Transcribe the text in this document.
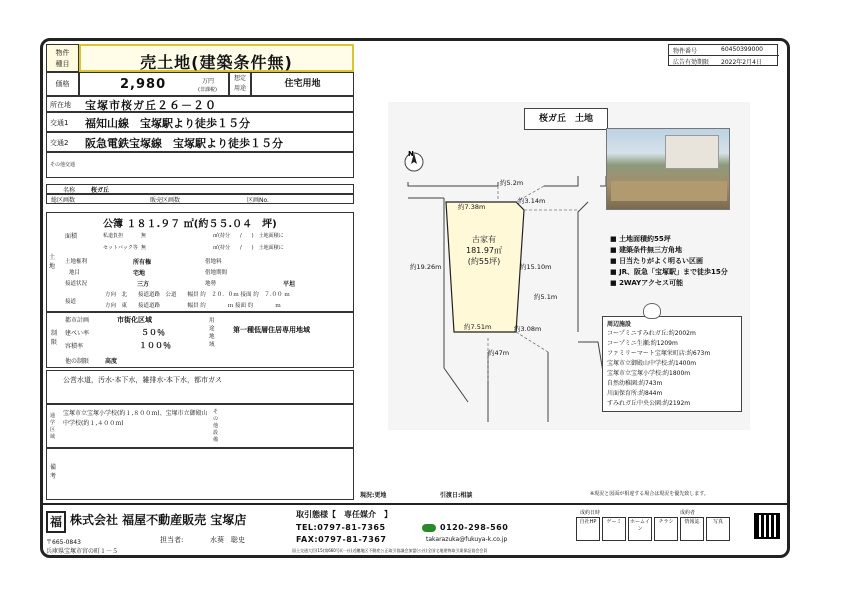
物件
種目	売土地(建築条件無)
価格	2,980	万円
(非課税)
想定
用途	住宅用地
所在地 宝塚市桜ガ丘２６－２０
交通1 福知山線　宝塚駅より徒歩１５分
交通2 阪急電鉄宝塚線　宝塚駅より徒歩１５分
その他交通
名称	桜ガ丘
総区画数	販売区画数	区画No.
土地
面積
公簿 １８１.９７ ㎡(約５５.０４　坪)
私道負担	無	㎡(持分　　/　　)　土地面積に
セットバック等 無	㎡(持分　　/　　)　土地面積に
土地権利	所有権	借地料
地目	宅地	借地期間
接道状況	三方	地勢	平坦
接道
方向　北　　接道道路　公道　　幅員 約　２０．０ｍ 接面 約　７.００ ｍ
方向　東　　接道道路　　　　　幅員 約　　　　ｍ 接面 約　　　　ｍ
制限
都市計画	市街化区域
建ぺい率	５０％
容積率	１００％
用途地域
第一種低層住居専用地域
他の制限	高度
公営水道，汚水-本下水，雑排水-本下水，都市ガス
通学区域
宝塚市立宝塚小学校(約１,８００ｍ)、宝塚市立御殿山中学校(約１,４００ｍ)
その他設備
備考
物件番号	60450399000
広告有効期限 2022年2月4日
桜ガ丘　土地
N
古家有
181.97㎡
(約55坪)
約5.2m
約7.38m
約3.14m
約19.26m	約15.10m
約5.1m
約7.51m	約3.08m
約47m
■ 土地面積約55坪
■ 建築条件無三方角地
■ 日当たりがよく明るい区画
■ JR、阪急「宝塚駅」まで徒歩15分
■ 2WAYアクセス可能
周辺施設
コープミニすみれガ丘:約2002m
コープミニ生瀬:約1209m
ファミリーマート宝塚栄町店:約673m
宝塚市立御殿山中学校:約1400m
宝塚市立宝塚小学校:約1800m
自然幼稚園:約743m
川面保育所:約844m
すみれガ丘中央公園:約2192m
現況:更地	引渡日:相談	※現況と図面が相違する場合は現況を優先致します。
福 株式会社 福屋不動産販売 宝塚店
〒665-0843
兵庫県宝塚市宮の町１－５
担当者:	水葵　聡史
取引態様【 専任媒介 】
TEL:0797-81-7365
FAX:0797-81-7367
0120-298-560
takarazuka@fukuya-k.co.jp
国土交通大臣(15)第660号/(一社)近畿地区不動産公正取引協議会加盟(公社)全国宅地建物取引業保証協会会員
成約日時	成約者
自社HP	ゲーミ	ホームイン
チラシ	情報誌	写真
